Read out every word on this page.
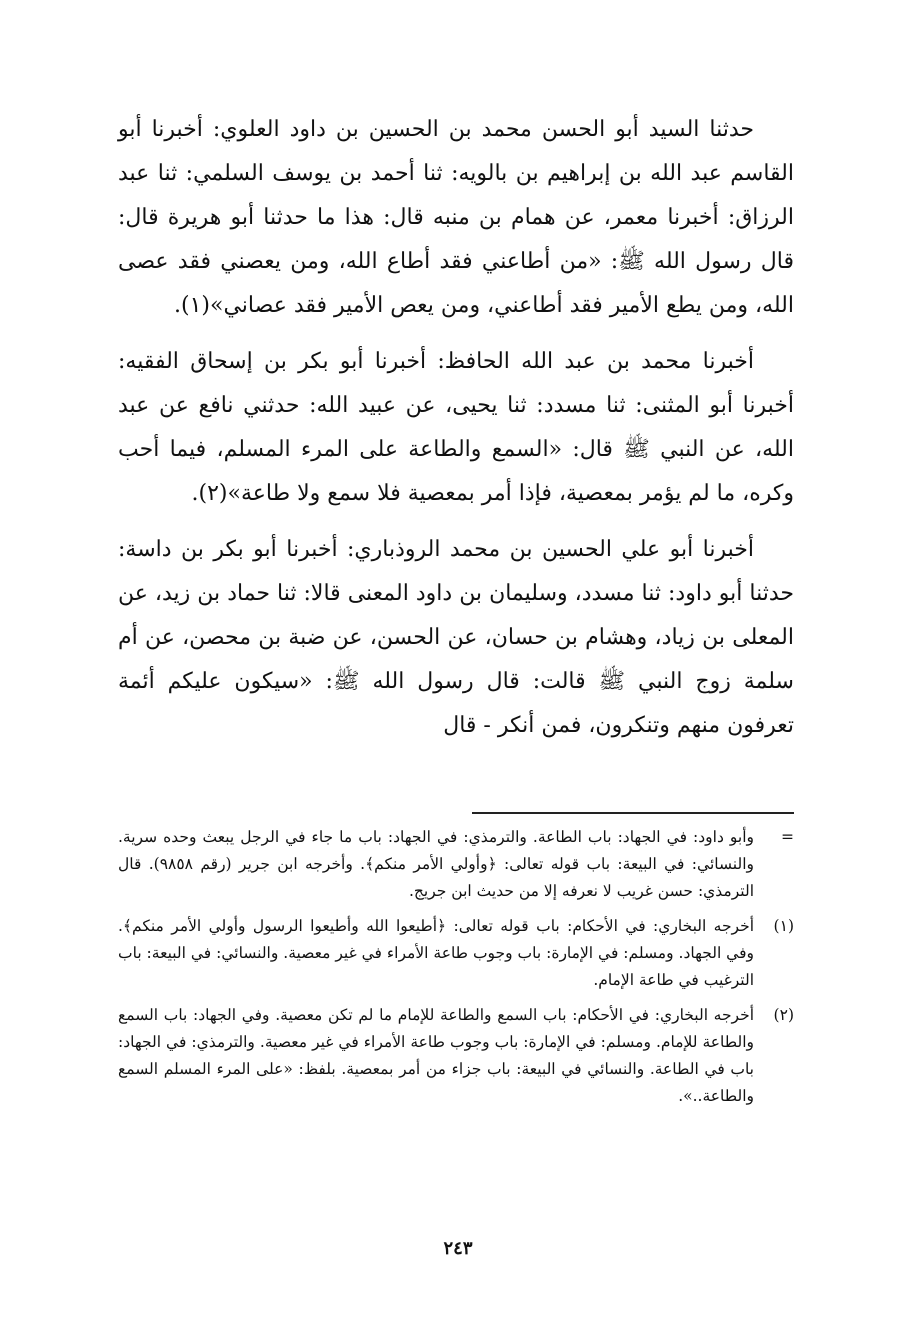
حدثنا السيد أبو الحسن محمد بن الحسين بن داود العلوي: أخبرنا أبو القاسم عبد الله بن إبراهيم بن بالويه: ثنا أحمد بن يوسف السلمي: ثنا عبد الرزاق: أخبرنا معمر، عن همام بن منبه قال: هذا ما حدثنا أبو هريرة قال: قال رسول الله ﷺ: «من أطاعني فقد أطاع الله، ومن يعصني فقد عصى الله، ومن يطع الأمير فقد أطاعني، ومن يعص الأمير فقد عصاني»(١).

أخبرنا محمد بن عبد الله الحافظ: أخبرنا أبو بكر بن إسحاق الفقيه: أخبرنا أبو المثنى: ثنا مسدد: ثنا يحيى، عن عبيد الله: حدثني نافع عن عبد الله، عن النبي ﷺ قال: «السمع والطاعة على المرء المسلم، فيما أحب وكره، ما لم يؤمر بمعصية، فإذا أمر بمعصية فلا سمع ولا طاعة»(٢).

أخبرنا أبو علي الحسين بن محمد الروذباري: أخبرنا أبو بكر بن داسة: حدثنا أبو داود: ثنا مسدد، وسليمان بن داود المعنى قالا: ثنا حماد بن زيد، عن المعلى بن زياد، وهشام بن حسان، عن الحسن، عن ضبة بن محصن، عن أم سلمة زوج النبي ﷺ قالت: قال رسول الله ﷺ: «سيكون عليكم أئمة تعرفون منهم وتنكرون، فمن أنكر - قال

=
وأبو داود: في الجهاد: باب الطاعة. والترمذي: في الجهاد: باب ما جاء في الرجل يبعث وحده سرية. والنسائي: في البيعة: باب قوله تعالى: ﴿وأولي الأمر منكم﴾. وأخرجه ابن جرير (رقم ٩٨٥٨). قال الترمذي: حسن غريب لا نعرفه إلا من حديث ابن جريج.
(١)
أخرجه البخاري: في الأحكام: باب قوله تعالى: ﴿أطيعوا الله وأطيعوا الرسول وأولي الأمر منكم﴾. وفي الجهاد. ومسلم: في الإمارة: باب وجوب طاعة الأمراء في غير معصية. والنسائي: في البيعة: باب الترغيب في طاعة الإمام.
(٢)
أخرجه البخاري: في الأحكام: باب السمع والطاعة للإمام ما لم تكن معصية. وفي الجهاد: باب السمع والطاعة للإمام. ومسلم: في الإمارة: باب وجوب طاعة الأمراء في غير معصية. والترمذي: في الجهاد: باب في الطاعة. والنسائي في البيعة: باب جزاء من أمر بمعصية. بلفظ: «على المرء المسلم السمع والطاعة..».
٢٤٣
